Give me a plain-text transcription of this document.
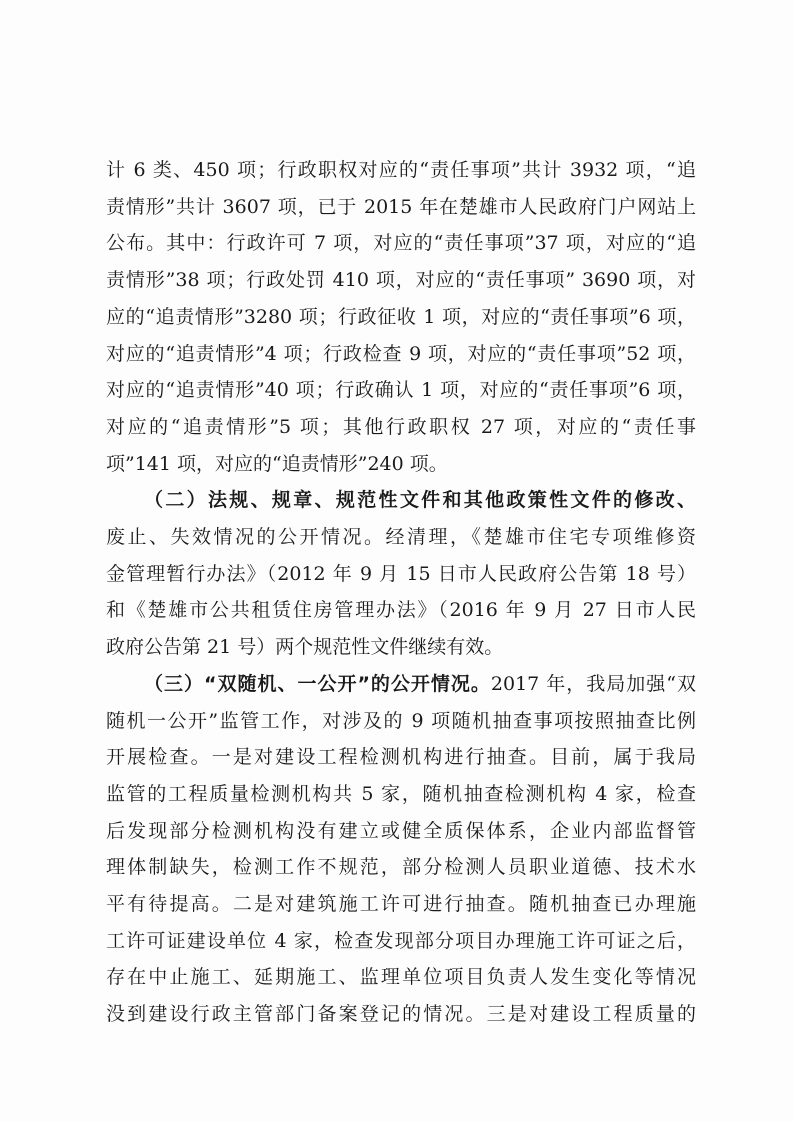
计 6 类、450 项；行政职权对应的“责任事项”共计 3932 项，“追
责情形”共计 3607 项，已于 2015 年在楚雄市人民政府门户网站上
公布。其中：行政许可 7 项，对应的“责任事项”37 项，对应的“追
责情形”38 项；行政处罚 410 项，对应的“责任事项” 3690 项，对
应的“追责情形”3280 项；行政征收 1 项，对应的“责任事项”6 项，
对应的“追责情形”4 项；行政检查 9 项，对应的“责任事项”52 项，
对应的“追责情形”40 项；行政确认 1 项，对应的“责任事项”6 项，
对应的“追责情形”5 项；其他行政职权 27 项，对应的“责任事
项”141 项，对应的“追责情形”240 项。
（二）法规、规章、规范性文件和其他政策性文件的修改、
废止、失效情况的公开情况。经清理，《楚雄市住宅专项维修资
金管理暂行办法》（2012 年 9 月 15 日市人民政府公告第 18 号）
和《楚雄市公共租赁住房管理办法》（2016 年 9 月 27 日市人民
政府公告第 21 号）两个规范性文件继续有效。
（三）“双随机、一公开”的公开情况。2017 年，我局加强“双
随机一公开”监管工作，对涉及的 9 项随机抽查事项按照抽查比例
开展检查。一是对建设工程检测机构进行抽查。目前，属于我局
监管的工程质量检测机构共 5 家，随机抽查检测机构 4 家，检查
后发现部分检测机构没有建立或健全质保体系，企业内部监督管
理体制缺失，检测工作不规范，部分检测人员职业道德、技术水
平有待提高。二是对建筑施工许可进行抽查。随机抽查已办理施
工许可证建设单位 4 家，检查发现部分项目办理施工许可证之后，
存在中止施工、延期施工、监理单位项目负责人发生变化等情况
没到建设行政主管部门备案登记的情况。三是对建设工程质量的
